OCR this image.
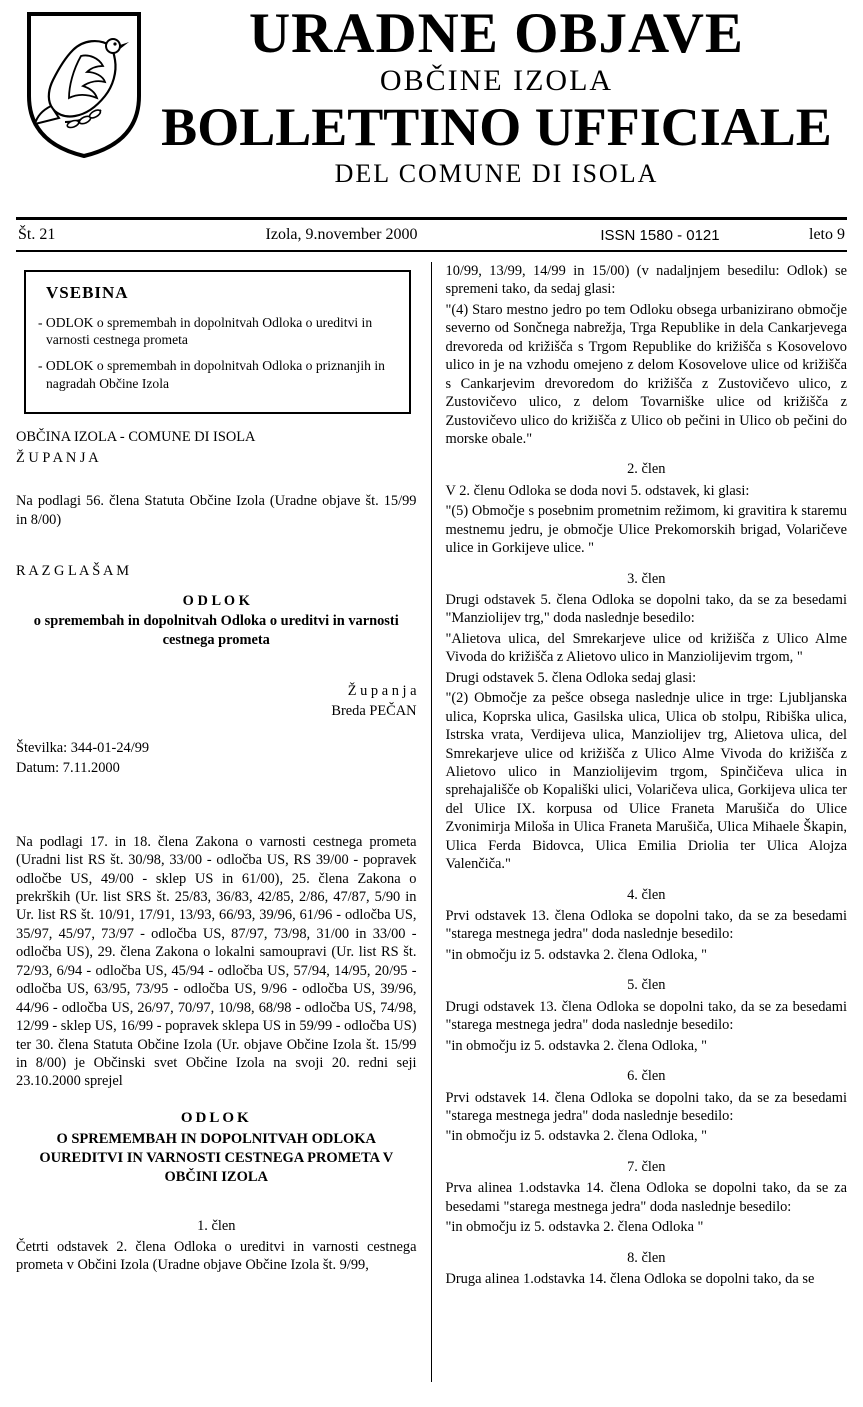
URADNE OBJAVE
OBČINE IZOLA
BOLLETTINO UFFICIALE
DEL COMUNE DI ISOLA
Št. 21	Izola, 9.november 2000	ISSN 1580 - 0121	leto 9
VSEBINA
- ODLOK o spremembah in dopolnitvah Odloka o ureditvi in varnosti cestnega prometa
- ODLOK o spremembah in dopolnitvah Odloka o priznanjih in nagradah Občine Izola

OBČINA IZOLA - COMUNE DI ISOLA

Ž U P A N J A

Na podlagi 56. člena Statuta Občine Izola (Uradne objave št. 15/99 in 8/00)

R A Z G L A Š A M

O D L O K

o spremembah in dopolnitvah Odloka o ureditvi in varnosti cestnega prometa

Ž u p a n j a

Breda PEČAN

Številka: 344-01-24/99

Datum: 7.11.2000

Na podlagi 17. in 18. člena Zakona o varnosti cestnega prometa (Uradni list RS št. 30/98, 33/00 - odločba US, RS 39/00 - popravek odločbe US, 49/00 - sklep US in 61/00), 25. člena Zakona o prekrških (Ur. list SRS št. 25/83, 36/83, 42/85, 2/86, 47/87, 5/90 in Ur. list RS št. 10/91, 17/91, 13/93, 66/93, 39/96, 61/96 - odločba US, 35/97, 45/97, 73/97 - odločba US, 87/97, 73/98, 31/00 in 33/00 - odločba US), 29. člena Zakona o lokalni samoupravi (Ur. list RS št. 72/93, 6/94 - odločba US, 45/94 - odločba US, 57/94, 14/95, 20/95 - odločba US, 63/95, 73/95 - odločba US, 9/96 - odločba US, 39/96, 44/96 - odločba US, 26/97, 70/97, 10/98, 68/98 - odločba US, 74/98, 12/99 - sklep US, 16/99 - popravek sklepa US in 59/99 - odločba US) ter 30. člena Statuta Občine Izola (Ur. objave Občine Izola št. 15/99 in 8/00) je Občinski svet Občine Izola na svoji 20. redni seji 23.10.2000 sprejel

ODLOK

O SPREMEMBAH IN DOPOLNITVAH ODLOKA OUREDITVI IN VARNOSTI CESTNEGA PROMETA V OBČINI IZOLA

1. člen

Četrti odstavek 2. člena Odloka o ureditvi in varnosti cestnega prometa v Občini Izola (Uradne objave Občine Izola št. 9/99,

10/99, 13/99, 14/99 in 15/00) (v nadaljnjem besedilu: Odlok) se spremeni tako, da sedaj glasi:

"(4) Staro mestno jedro po tem Odloku obsega urbanizirano območje severno od Sončnega nabrežja, Trga Republike in dela Cankarjevega drevoreda od križišča s Trgom Republike do križišča s Kosovelovo ulico in je na vzhodu omejeno z delom Kosovelove ulice od križišča s Cankarjevim drevoredom do križišča z Zustovičevo ulico, z Zustovičevo ulico, z delom Tovarniške ulice od križišča z Zustovičevo ulico do križišča z Ulico ob pečini in Ulico ob pečini do morske obale."

2. člen

V 2. členu Odloka se doda novi 5. odstavek, ki glasi:

"(5) Območje s posebnim prometnim režimom, ki gravitira k staremu mestnemu jedru, je območje Ulice Prekomorskih brigad, Volaričeve ulice in Gorkijeve ulice. "

3. člen

Drugi odstavek 5. člena Odloka se dopolni tako, da se za besedami "Manziolijev trg," doda naslednje besedilo:

"Alietova ulica, del Smrekarjeve ulice od križišča z Ulico Alme Vivoda do križišča z Alietovo ulico in Manziolijevim trgom, "

Drugi odstavek 5. člena Odloka sedaj glasi:

"(2) Območje za pešce obsega naslednje ulice in trge: Ljubljanska ulica, Koprska ulica, Gasilska ulica, Ulica ob stolpu, Ribiška ulica, Istrska vrata, Verdijeva ulica, Manziolijev trg, Alietova ulica, del Smrekarjeve ulice od križišča z Ulico Alme Vivoda do križišča z Alietovo ulico in Manziolijevim trgom, Spinčičeva ulica in sprehajališče ob Kopališki ulici, Volaričeva ulica, Gorkijeva ulica ter del Ulice IX. korpusa od Ulice Franeta Marušiča do Ulice Zvonimirja Miloša in Ulica Franeta Marušiča, Ulica Mihaele Škapin, Ulica Ferda Bidovca, Ulica Emilia Driolia ter Ulica Alojza Valenčiča."

4. člen

Prvi odstavek 13. člena Odloka se dopolni tako, da se za besedami "starega mestnega jedra" doda naslednje besedilo:

"in območju iz 5. odstavka 2. člena Odloka, "

5. člen

Drugi odstavek 13. člena Odloka se dopolni tako, da se za besedami "starega mestnega jedra" doda naslednje besedilo:

"in območju iz 5. odstavka 2. člena Odloka, "

6. člen

Prvi odstavek 14. člena Odloka se dopolni tako, da se za besedami "starega mestnega jedra" doda naslednje besedilo:

"in območju iz 5. odstavka 2. člena Odloka, "

7. člen

Prva alinea 1.odstavka 14. člena Odloka se dopolni tako, da se za besedami "starega mestnega jedra" doda naslednje besedilo:

"in območju iz 5. odstavka 2. člena Odloka "

8. člen

Druga alinea 1.odstavka 14. člena Odloka se dopolni tako, da se
